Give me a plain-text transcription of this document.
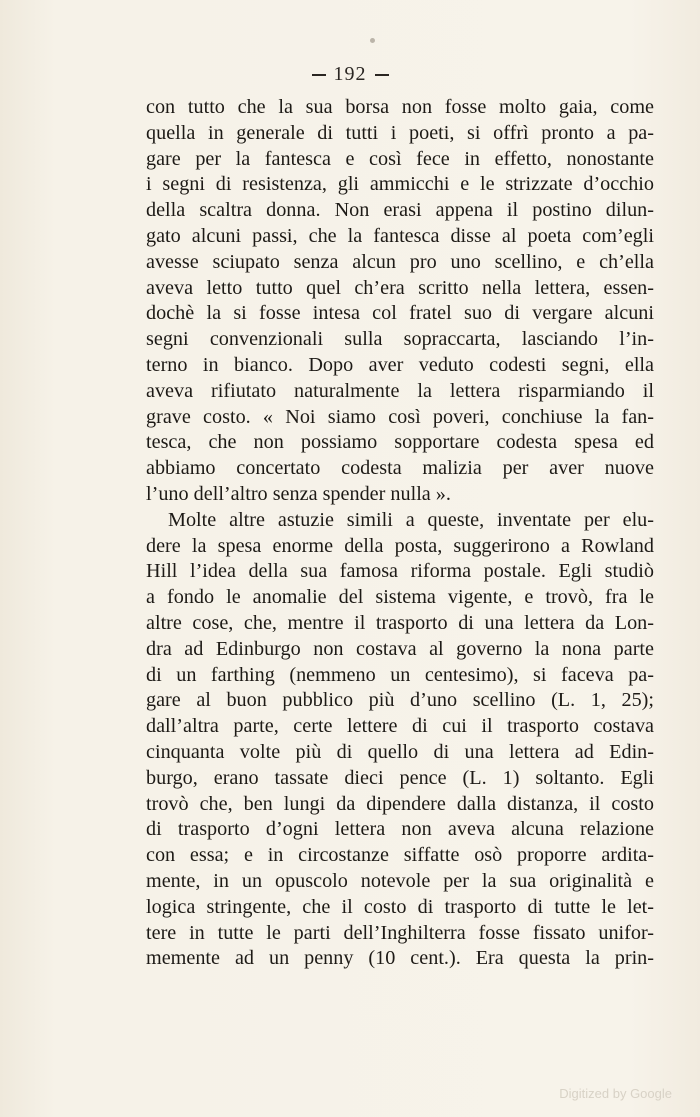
192
con tutto che la sua borsa non fosse molto gaia, come
quella in generale di tutti i poeti, si offrì pronto a pa-
gare per la fantesca e così fece in effetto, nonostante
i segni di resistenza, gli ammicchi e le strizzate d’occhio
della scaltra donna. Non erasi appena il postino dilun-
gato alcuni passi, che la fantesca disse al poeta com’egli
avesse sciupato senza alcun pro uno scellino, e ch’ella
aveva letto tutto quel ch’era scritto nella lettera, essen-
dochè la si fosse intesa col fratel suo di vergare alcuni
segni convenzionali sulla sopraccarta, lasciando l’in-
terno in bianco. Dopo aver veduto codesti segni, ella
aveva rifiutato naturalmente la lettera risparmiando il
grave costo. « Noi siamo così poveri, conchiuse la fan-
tesca, che non possiamo sopportare codesta spesa ed
abbiamo concertato codesta malizia per aver nuove
l’uno dell’altro senza spender nulla ».
Molte altre astuzie simili a queste, inventate per elu-
dere la spesa enorme della posta, suggerirono a Rowland
Hill l’idea della sua famosa riforma postale. Egli studiò
a fondo le anomalie del sistema vigente, e trovò, fra le
altre cose, che, mentre il trasporto di una lettera da Lon-
dra ad Edinburgo non costava al governo la nona parte
di un farthing (nemmeno un centesimo), si faceva pa-
gare al buon pubblico più d’uno scellino (L. 1, 25);
dall’altra parte, certe lettere di cui il trasporto costava
cinquanta volte più di quello di una lettera ad Edin-
burgo, erano tassate dieci pence (L. 1) soltanto. Egli
trovò che, ben lungi da dipendere dalla distanza, il costo
di trasporto d’ogni lettera non aveva alcuna relazione
con essa; e in circostanze siffatte osò proporre ardita-
mente, in un opuscolo notevole per la sua originalità e
logica stringente, che il costo di trasporto di tutte le let-
tere in tutte le parti dell’Inghilterra fosse fissato unifor-
memente ad un penny (10 cent.). Era questa la prin-
Digitized by Google
